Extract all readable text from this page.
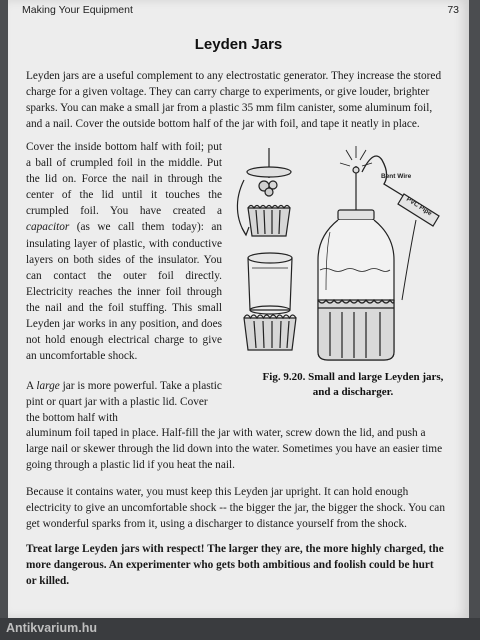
Making Your Equipment	73
Leyden Jars
Leyden jars are a useful complement to any electrostatic generator. They increase the stored charge for a given voltage. They can carry charge to experiments, or give louder, brighter sparks. You can make a small jar from a plastic 35 mm film canister, some aluminum foil, and a nail. Cover the outside bottom half of the jar with foil, and tape it neatly in place.
Cover the inside bottom half with foil; put a ball of crumpled foil in the middle. Put the lid on. Force the nail in through the center of the lid until it touches the crumpled foil. You have created a capacitor (as we call them today): an insulating layer of plastic, with conductive layers on both sides of the insulator. You can contact the outer foil directly. Electricity reaches the inner foil through the nail and the foil stuffing. This small Leyden jar works in any position, and does not hold enough electrical charge to give an uncomfortable shock.
A large jar is more powerful. Take a plastic pint or quart jar with a plastic lid. Cover the bottom half with
aluminum foil taped in place. Half-fill the jar with water, screw down the lid, and push a large nail or skewer through the lid down into the water. Sometimes you have an easier time going through a plastic lid if you heat the nail.
Because it contains water, you must keep this Leyden jar upright. It can hold enough electricity to give an uncomfortable shock -- the bigger the jar, the bigger the shock. You can get wonderful sparks from it, using a discharger to distance yourself from the shock.
Treat large Leyden jars with respect! The larger they are, the more highly charged, the more dangerous. An experimenter who gets both ambitious and foolish could be hurt or killed.
Bent Wire
PVC Pipe
Fig. 9.20. Small and large Leyden jars, and a discharger.
Antikvarium.hu
